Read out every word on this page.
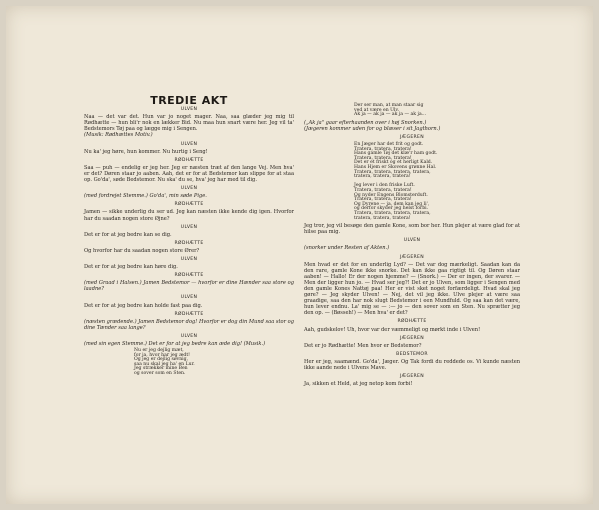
TREDIE AKT
ULVEN
Naa — det var det. Hun var jo noget mager. Naa, saa glæder jeg mig til Rødhætte — hun bli'r nok en lækker Bid. Nu maa hun snart være her. Jeg vil ta' Bedstemors Tøj paa og lægge mig i Sengen.
(Musik: Rødhættes Motiv.)
ULVEN
Nu ka' jeg høre, hun kommer. Nu hurtig i Seng!
RØDHÆTTE
Saa — puh — endelig er jeg her. Jeg er næsten træt af den lange Vej. Men hva' er det? Døren staar jo aaben. Aah, det er for at Bedstemor kan slippe for at staa op. Go'da', søde Bedstemor. Nu ska' du se, hva' jeg har med til dig.
ULVEN
(med fordrejet Stemme.) Go'da', min søde Pige.
RØDHÆTTE
Jamen — sikke underlig du ser ud. Jeg kan næsten ikke kende dig igen. Hvorfor har du saadan nogen store Øjne?
ULVEN
Det er for at jeg bedre kan se dig.
RØDHÆTTE
Og hvorfor har du saadan nogen store Ører?
ULVEN
Det er for at jeg bedre kan høre dig.
RØDHÆTTE
(med Graad i Halsen.) Jamen Bedstemor — hvorfor er dine Hænder saa store og laadne?
ULVEN
Det er for at jeg bedre kan holde fast paa dig.
RØDHÆTTE
(næsten grædende.) Jamen Bedstemor dog! Hvorfor er dog din Mund saa stor og dine Tænder saa lange?
ULVEN
(med sin egen Stemme.) Det er for at jeg bedre kan æde dig! (Musik.)
Nu er jeg dejlig mæt,
for ja, hvor har jeg ædt!
Og jeg er dejlig søvnig,
saa nu skal jeg ha' en Lur.
Jeg strækker mine Ben
og sover som en Sten.
Der ser man, at man staar sig
ved at være en Ulv.
Ak ja — ak ja — ak ja — ak ja...
(„Ak ja" gaar efterhaanden over i høj Snorken.)
(Jægeren kommer uden for og blæser i sit Jagthorn.)
JÆGEREN
En Jæger har det frit og godt.
Tratera, tratera, tratera!
Hans gamle Tøj det klæ'r ham godt.
Tratera, tratera, tratera!
Det er et friskt og et herligt Kald.
Hans Hjem er Skovens grønne Hal.
Tratera, tratera, tratera, tratera,
tratera, tratera, tratera!

Jeg lever i den friske Luft.
Tratera, tratera, tratera!
Og nyder Engens Blomsterduft.
Tratera, tratera, tratera!
Og Dyrene — ja, dem kan jeg li',
og derfor skyder jeg helst forbi.
Tratera, tratera, tratera, tratera,
tratera, tratera, tratera!
Jeg tror, jeg vil besøge den gamle Kone, som bor her. Hun plejer at være glad for at hilse paa mig.
ULVEN
(snorker under Resten af Akten.)
JÆGEREN
Men hvad er det for en underlig Lyd? — Det var dog mærkeligt. Saadan kan da den rare, gamle Kone ikke snorke. Det kan ikke gaa rigtigt til. Og Døren staar aaben! — Hallo! Er der nogen hjemme? — (Snork.) — Der er ingen, der svarer. — Men der ligger hun jo. — Hvad ser jeg?! Det er jo Ulven, som ligger i Sengen med den gamle Kones Nattøj paa! Her er vist sket noget forfærdeligt. Hvad skal jeg gøre? — Jeg skyder Ulven! — Nej, det vil jeg ikke. Ulve plejer at være saa graadige, saa den har nok slugt Bedstemor i een Mundfuld. Og saa kan det være, hun lever endnu. La' mig se — :— jo — den sover som en Sten. Nu sprætter jeg den op. — (Bøsseh!) — Men hva' er det?
RØDHÆTTE
Aah, gudskelov! Uh, hvor var der væmmeligt og mørkt inde i Ulven!
JÆGEREN
Det er jo Rødhætte! Men hvor er Bedstemor?
BEDSTEMOR
Her er jeg, saamænd. Go'da', Jæger. Og Tak fordi du reddede os. Vi kunde næsten ikke aande nede i Ulvens Mave.
JÆGEREN
Ja, sikken et Held, at jeg netop kom forbi!
